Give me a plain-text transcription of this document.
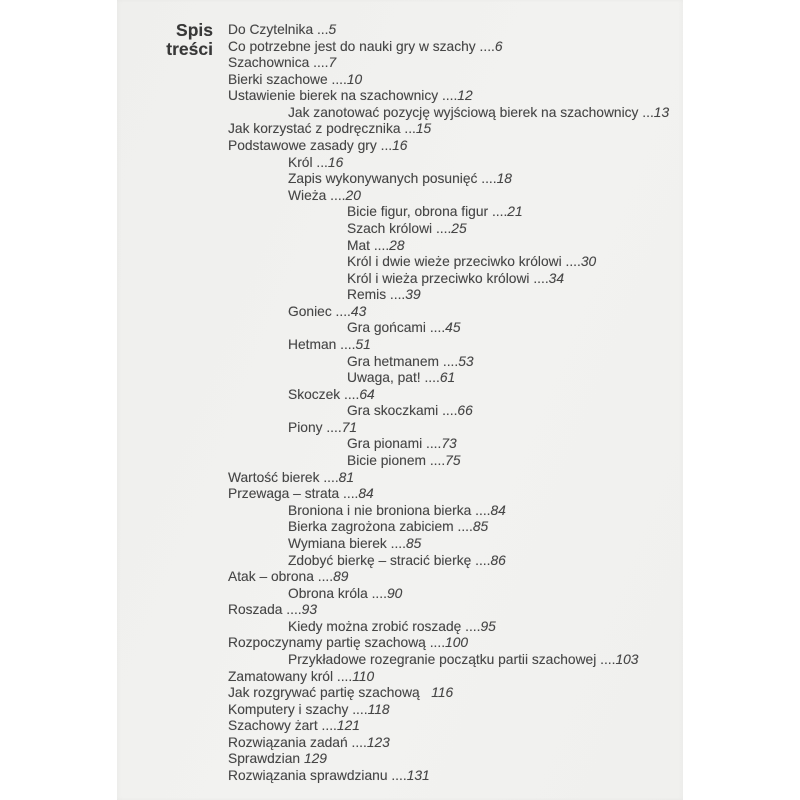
Spis
treści
Do Czytelnika ...5
Co potrzebne jest do nauki gry w szachy ....6
Szachownica ....7
Bierki szachowe ....10
Ustawienie bierek na szachownicy ....12
Jak zanotować pozycję wyjściową bierek na szachownicy ...13
Jak korzystać z podręcznika ...15
Podstawowe zasady gry ...16
Król ...16
Zapis wykonywanych posunięć ....18
Wieża ....20
Bicie figur, obrona figur ....21
Szach królowi ....25
Mat ....28
Król i dwie wieże przeciwko królowi ....30
Król i wieża przeciwko królowi ....34
Remis ....39
Goniec ....43
Gra gońcami ....45
Hetman ....51
Gra hetmanem ....53
Uwaga, pat! ....61
Skoczek ....64
Gra skoczkami ....66
Piony ....71
Gra pionami ....73
Bicie pionem ....75
Wartość bierek ....81
Przewaga – strata ....84
Broniona i nie broniona bierka ....84
Bierka zagrożona zabiciem ....85
Wymiana bierek ....85
Zdobyć bierkę – stracić bierkę ....86
Atak – obrona ....89
Obrona króla ....90
Roszada ....93
Kiedy można zrobić roszadę ....95
Rozpoczynamy partię szachową ....100
Przykładowe rozegranie początku partii szachowej ....103
Zamatowany król ....110
Jak rozgrywać partię szachową 116
Komputery i szachy ....118
Szachowy żart ....121
Rozwiązania zadań ....123
Sprawdzian 129
Rozwiązania sprawdzianu ....131
